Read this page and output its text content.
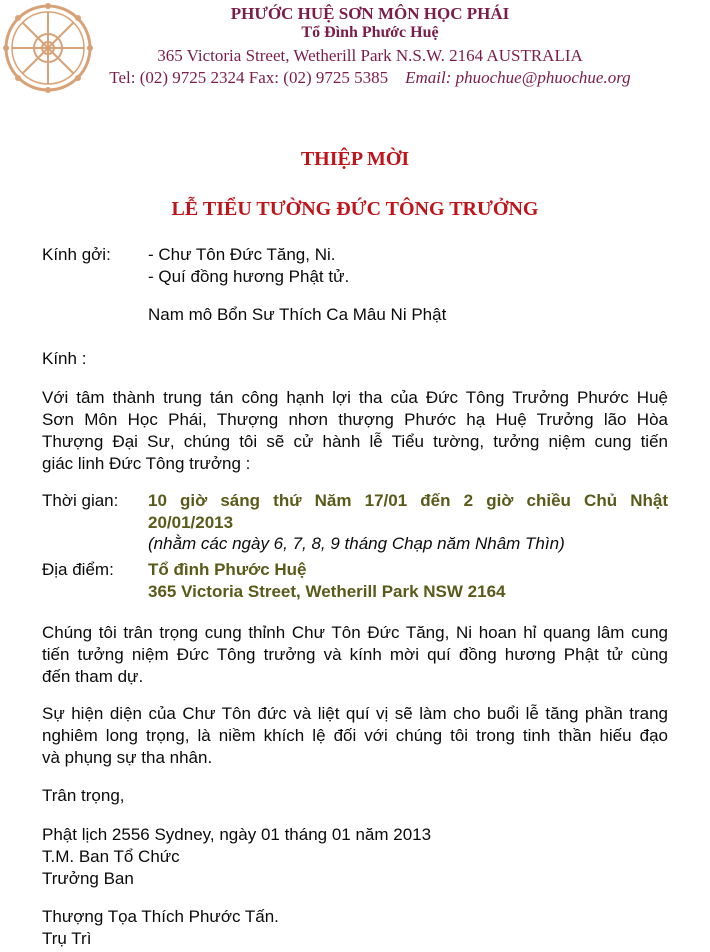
PHƯỚC HUỆ SƠN MÔN HỌC PHÁI
Tổ Đình Phước Huệ
365 Victoria Street, Wetherill Park N.S.W. 2164 AUSTRALIA
Tel: (02) 9725 2324 Fax: (02) 9725 5385 Email: phuochue@phuochue.org
THIỆP MỜI
LỄ TIỂU TƯỜNG ĐỨC TÔNG TRƯỞNG
Kính gởi: - Chư Tôn Đức Tăng, Ni.
- Quí đồng hương Phật tử.
Nam mô Bổn Sư Thích Ca Mâu Ni Phật
Kính :
Với tâm thành trung tán công hạnh lợi tha của Đức Tông Trưởng Phước Huệ
Sơn Môn Học Phái, Thượng nhơn thượng Phước hạ Huệ Trưởng lão Hòa
Thượng Đại Sư, chúng tôi sẽ cử hành lễ Tiểu tường, tưởng niệm cung tiến
giác linh Đức Tông trưởng :
Thời gian: 10 giờ sáng thứ Năm 17/01 đến 2 giờ chiều Chủ Nhật
20/01/2013
(nhằm các ngày 6, 7, 8, 9 tháng Chạp năm Nhâm Thìn)
Địa điểm: Tổ đình Phước Huệ
365 Victoria Street, Wetherill Park NSW 2164
Chúng tôi trân trọng cung thỉnh Chư Tôn Đức Tăng, Ni hoan hỉ quang lâm cung
tiến tưởng niệm Đức Tông trưởng và kính mời quí đồng hương Phật tử cùng
đến tham dự.
Sự hiện diện của Chư Tôn đức và liệt quí vị sẽ làm cho buổi lễ tăng phần trang
nghiêm long trọng, là niềm khích lệ đối với chúng tôi trong tinh thần hiếu đạo
và phụng sự tha nhân.
Trân trọng,
Phật lịch 2556 Sydney, ngày 01 tháng 01 năm 2013
T.M. Ban Tổ Chức
Trưởng Ban
Thượng Tọa Thích Phước Tấn.
Trụ Trì
